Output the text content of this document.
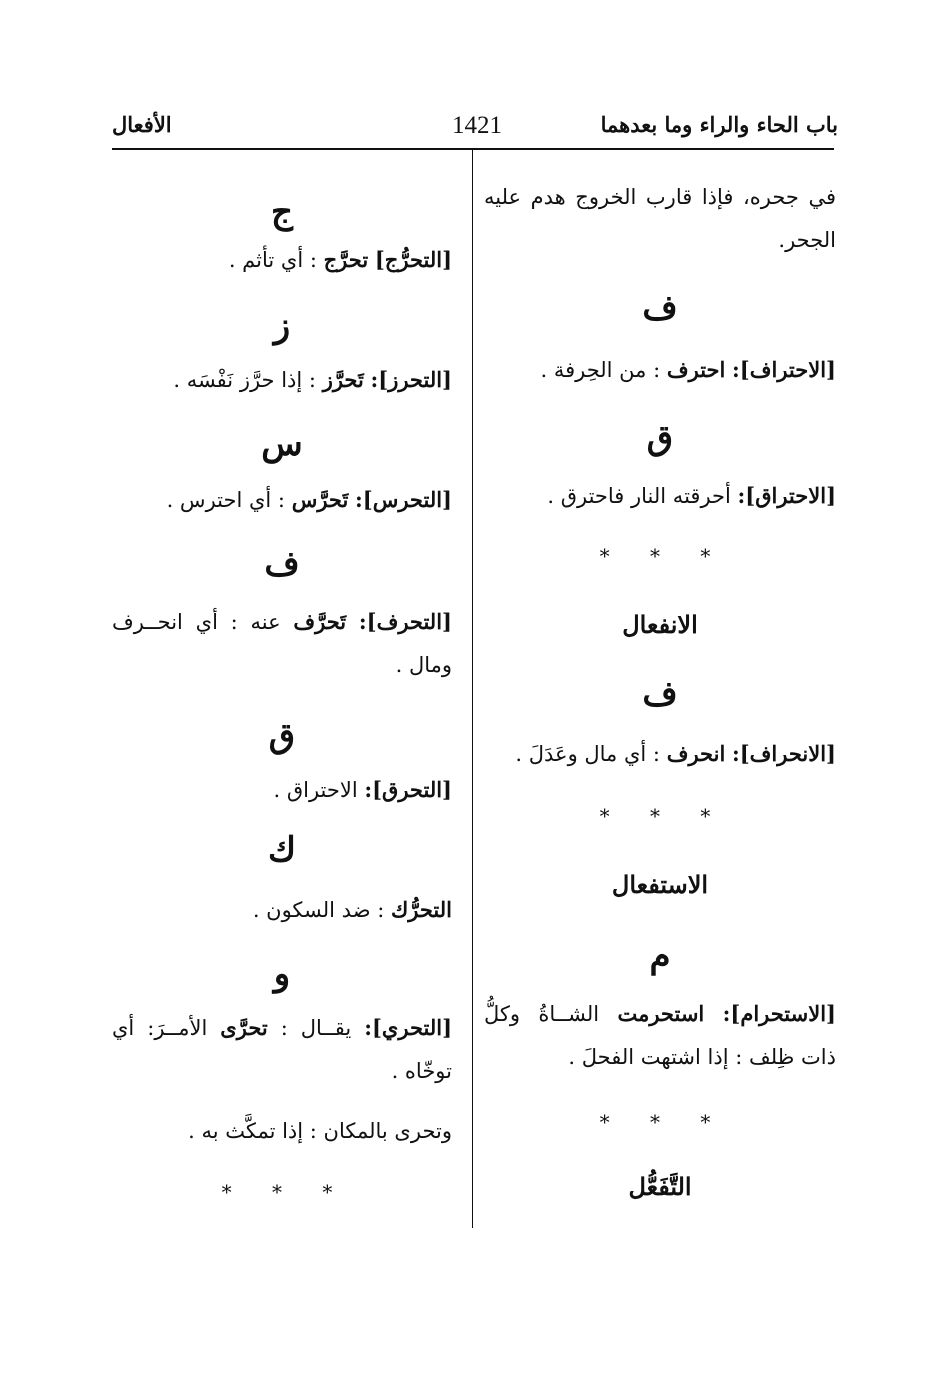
باب الحاء والراء وما بعدهما
1421
الأفعال
في جحره، فإذا قارب الخروج هدم عليه الجحر.
ف
[الاحتراف]: احترف : من الحِرفة .
ق
[الاحتراق]: أحرقته النار فاحترق .
* * *
الانفعال
ف
[الانحراف]: انحرف : أي مال وعَدَلَ .
* * *
الاستفعال
م
[الاستحرام]: استحرمت الشــاةُ وكلُّ ذات ظِلف : إذا اشتهت الفحلَ .
* * *
التَّفَعُّل
ج
[التحرُّج] تحرَّج : أي تأثم .
ز
[التحرز]: تَحرَّز : إذا حرَّز نَفْسَه .
س
[التحرس]: تَحرَّس : أي احترس .
ف
[التحرف]: تَحرَّف عنه : أي انحــرف ومال .
ق
[التحرق]: الاحتراق .
ك
التحرُّك : ضد السكون .
و
[التحري]: يقــال : تحرَّى الأمــرَ: أي توخّاه .
وتحرى بالمكان : إذا تمكَّث به .
* * *
